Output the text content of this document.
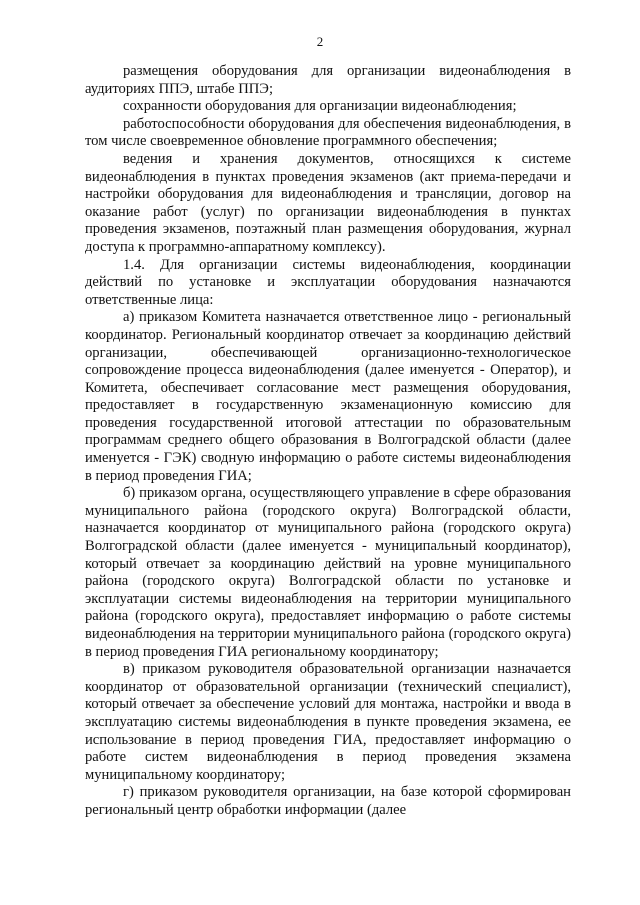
2

размещения оборудования для организации видеонаблюдения в аудиториях ППЭ, штабе ППЭ;

сохранности оборудования для организации видеонаблюдения;

работоспособности оборудования для обеспечения видеонаблюдения, в том числе своевременное обновление программного обеспечения;

ведения и хранения документов, относящихся к системе видеонаблюдения в пунктах проведения экзаменов (акт приема-передачи и настройки оборудования для видеонаблюдения и трансляции, договор на оказание работ (услуг) по организации видеонаблюдения в пунктах проведения экзаменов, поэтажный план размещения оборудования, журнал доступа к программно-аппаратному комплексу).

1.4. Для организации системы видеонаблюдения, координации действий по установке и эксплуатации оборудования назначаются ответственные лица:

а) приказом Комитета назначается ответственное лицо - региональный координатор. Региональный координатор отвечает за координацию действий организации, обеспечивающей организационно-технологическое сопровождение процесса видеонаблюдения (далее именуется - Оператор), и Комитета, обеспечивает согласование мест размещения оборудования, предоставляет в государственную экзаменационную комиссию для проведения государственной итоговой аттестации по образовательным программам среднего общего образования в Волгоградской области (далее именуется - ГЭК) сводную информацию о работе системы видеонаблюдения в период проведения ГИА;

б) приказом органа, осуществляющего управление в сфере образования муниципального района (городского округа) Волгоградской области, назначается координатор от муниципального района (городского округа) Волгоградской области (далее именуется - муниципальный координатор), который отвечает за координацию действий на уровне муниципального района (городского округа) Волгоградской области по установке и эксплуатации системы видеонаблюдения на территории муниципального района (городского округа), предоставляет информацию о работе системы видеонаблюдения на территории муниципального района (городского округа) в период проведения ГИА региональному координатору;

в) приказом руководителя образовательной организации назначается координатор от образовательной организации (технический специалист), который отвечает за обеспечение условий для монтажа, настройки и ввода в эксплуатацию системы видеонаблюдения в пункте проведения экзамена, ее использование в период проведения ГИА, предоставляет информацию о работе систем видеонаблюдения в период проведения экзамена муниципальному координатору;

г) приказом руководителя организации, на базе которой сформирован региональный центр обработки информации (далее
